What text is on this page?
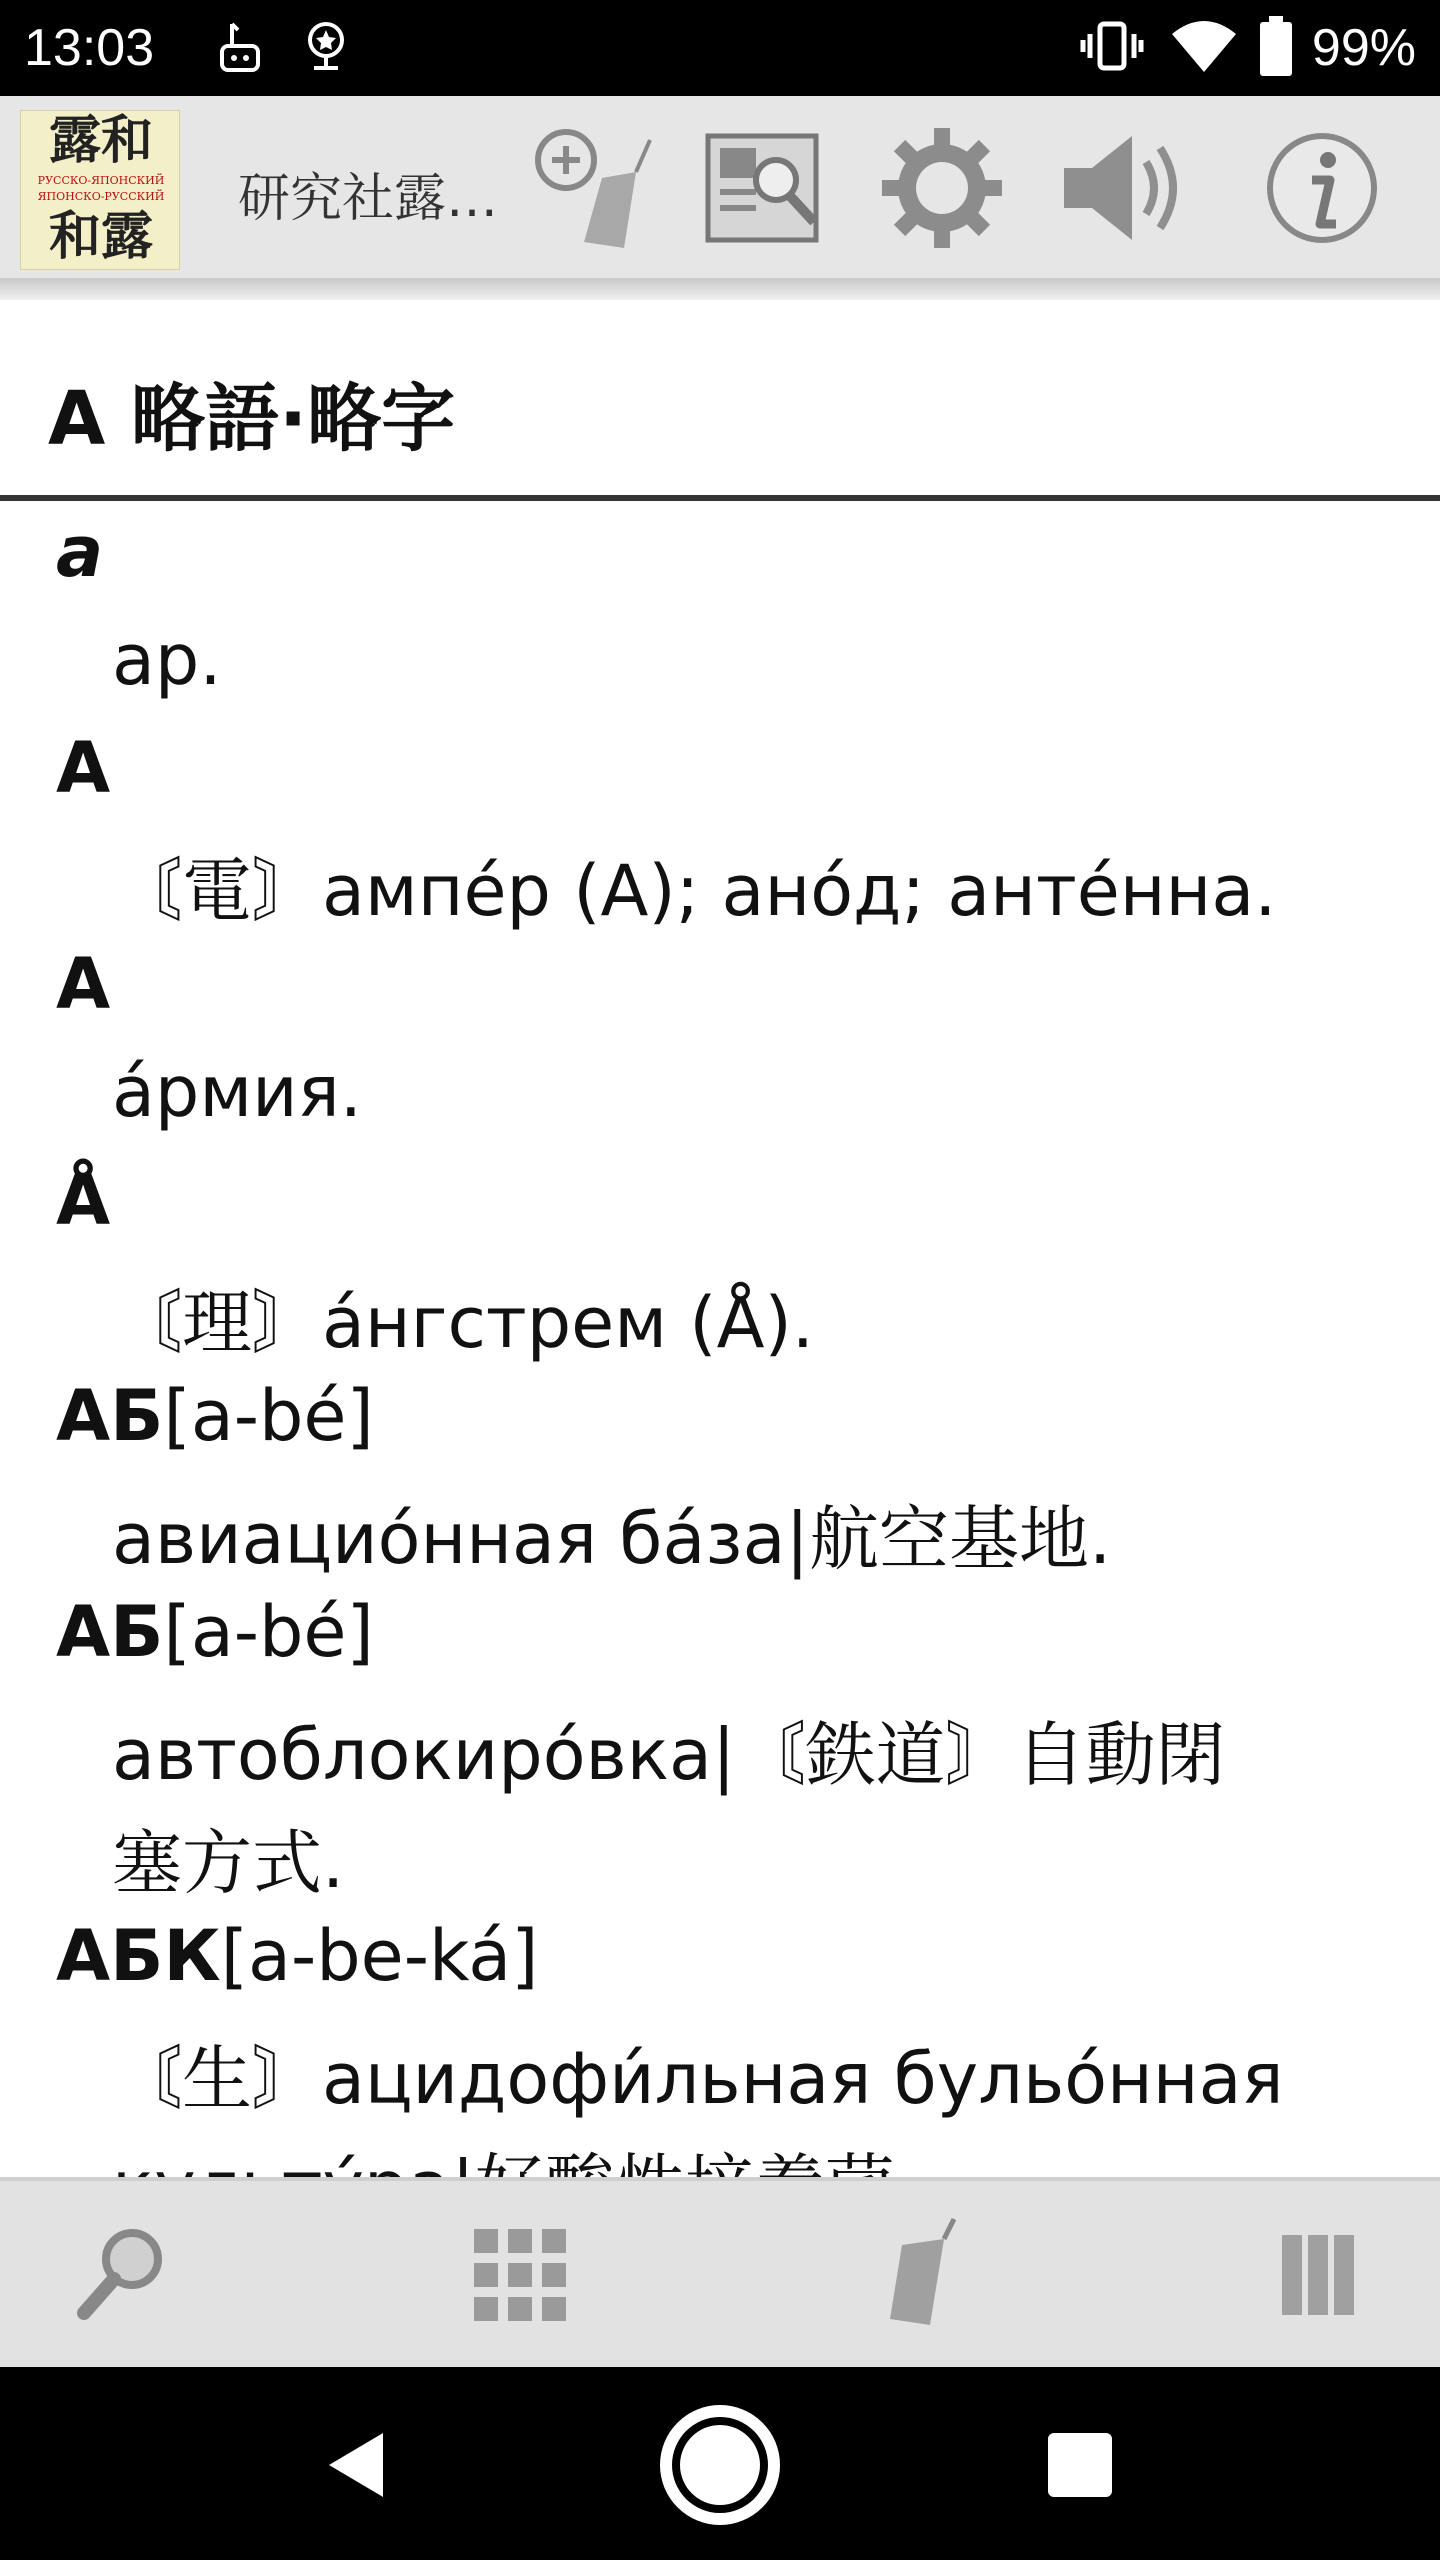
13:03	99%
露和
РУССКО-ЯПОНСКИЙ
ЯПОНСКО-РУССКИЙ
和露
研究社露…
A 略語·略字
а
ар.
А
〘電〙ампе́р (А); ано́д; анте́нна.
А
а́рмия.
Å
〘理〙а́нгстрем (Å).
АБ[a-bé]
авиацио́нная ба́за|航空基地.
АБ[a-bé]
автоблокиро́вка|〘鉄道〙自動閉
塞方式.
АБК[a-be-ká]
〘生〙ацидофи́льная бульо́нная
